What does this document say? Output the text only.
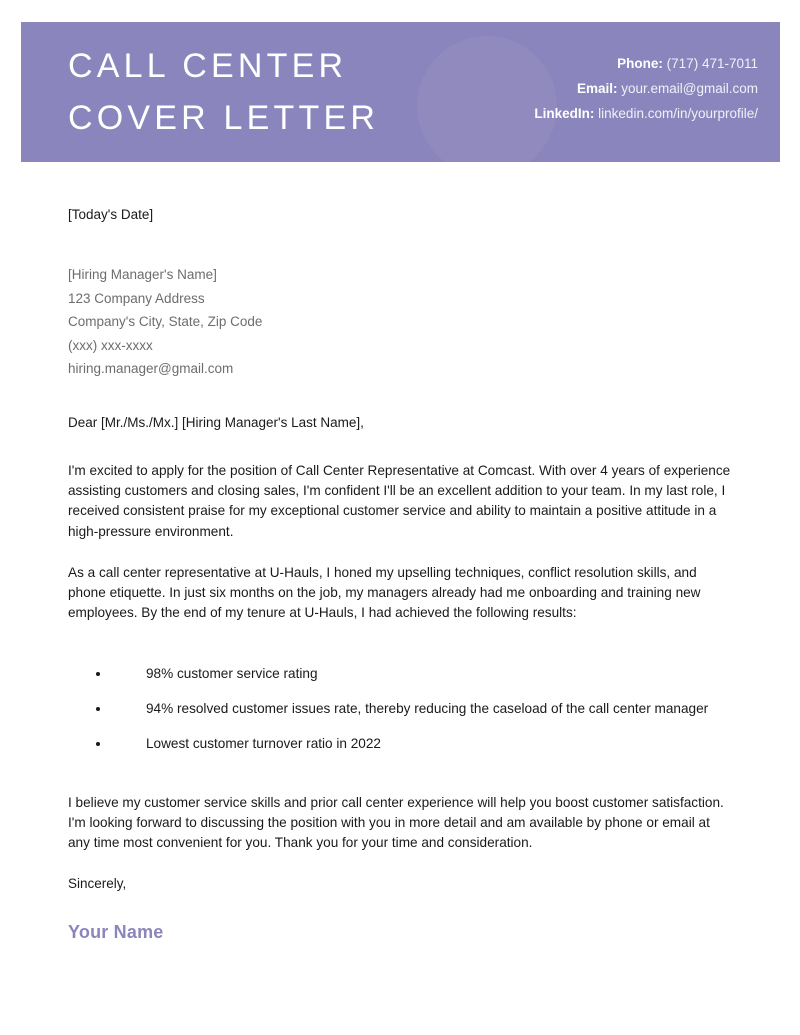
CALL CENTER
COVER LETTER
Phone: (717) 471-7011
Email: your.email@gmail.com
LinkedIn: linkedin.com/in/yourprofile/
[Today's Date]
[Hiring Manager's Name]
123 Company Address
Company's City, State, Zip Code
(xxx) xxx-xxxx
hiring.manager@gmail.com
Dear [Mr./Ms./Mx.] [Hiring Manager's Last Name],
I'm excited to apply for the position of Call Center Representative at Comcast. With over 4 years of experience assisting customers and closing sales, I'm confident I'll be an excellent addition to your team. In my last role, I received consistent praise for my exceptional customer service and ability to maintain a positive attitude in a high-pressure environment.
As a call center representative at U-Hauls, I honed my upselling techniques, conflict resolution skills, and phone etiquette. In just six months on the job, my managers already had me onboarding and training new employees. By the end of my tenure at U-Hauls, I had achieved the following results:
98% customer service rating
94% resolved customer issues rate, thereby reducing the caseload of the call center manager
Lowest customer turnover ratio in 2022
I believe my customer service skills and prior call center experience will help you boost customer satisfaction. I'm looking forward to discussing the position with you in more detail and am available by phone or email at any time most convenient for you. Thank you for your time and consideration.
Sincerely,
Your Name
